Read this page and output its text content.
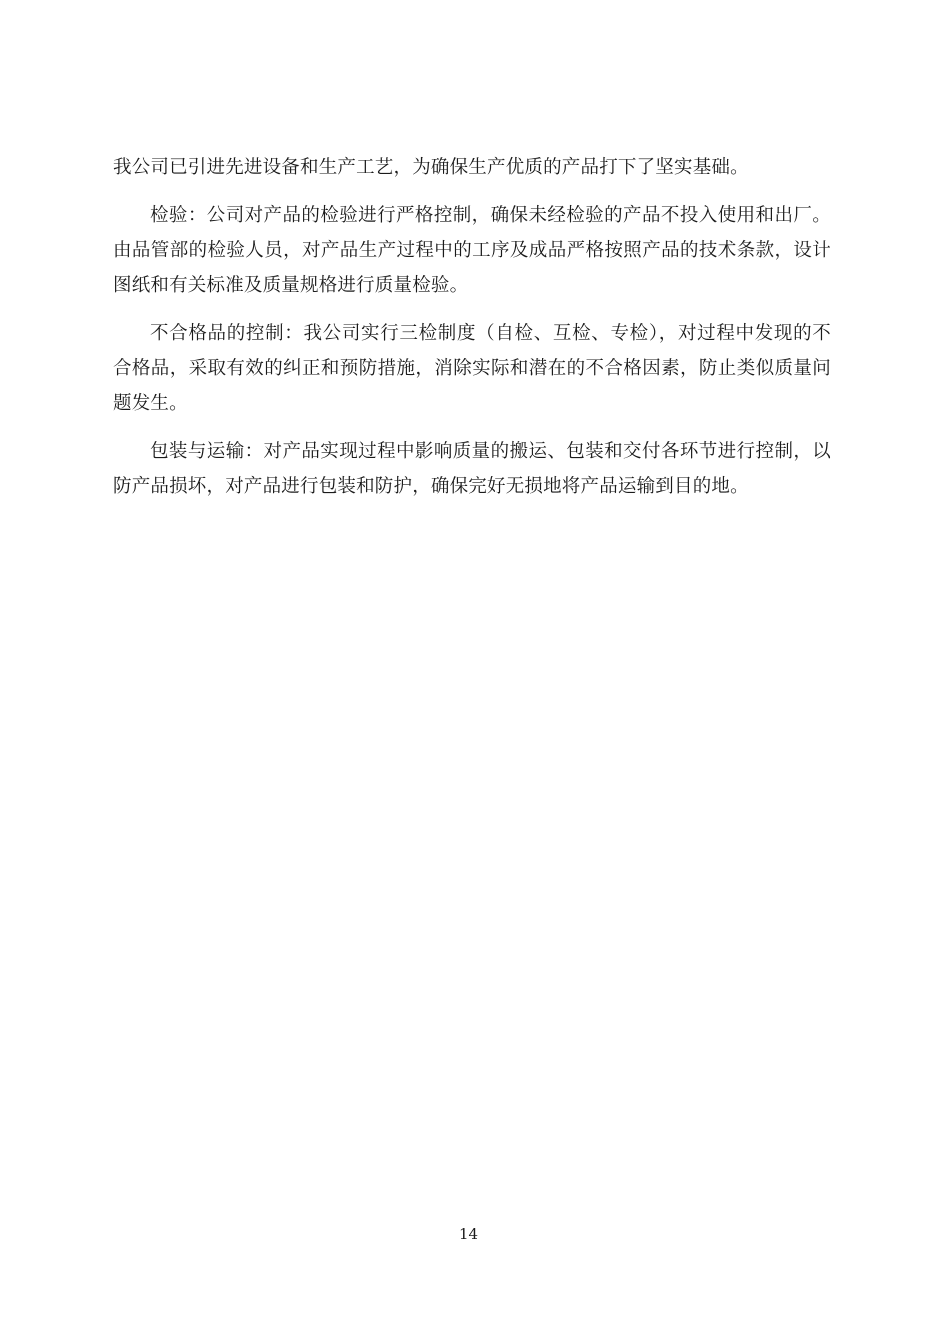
我公司已引进先进设备和生产工艺，为确保生产优质的产品打下了坚实基础。

检验：公司对产品的检验进行严格控制，确保未经检验的产品不投入使用和出厂。由品管部的检验人员，对产品生产过程中的工序及成品严格按照产品的技术条款，设计图纸和有关标准及质量规格进行质量检验。

不合格品的控制：我公司实行三检制度（自检、互检、专检），对过程中发现的不合格品，采取有效的纠正和预防措施，消除实际和潜在的不合格因素，防止类似质量问题发生。

包装与运输：对产品实现过程中影响质量的搬运、包装和交付各环节进行控制，以防产品损坏，对产品进行包装和防护，确保完好无损地将产品运输到目的地。

14
